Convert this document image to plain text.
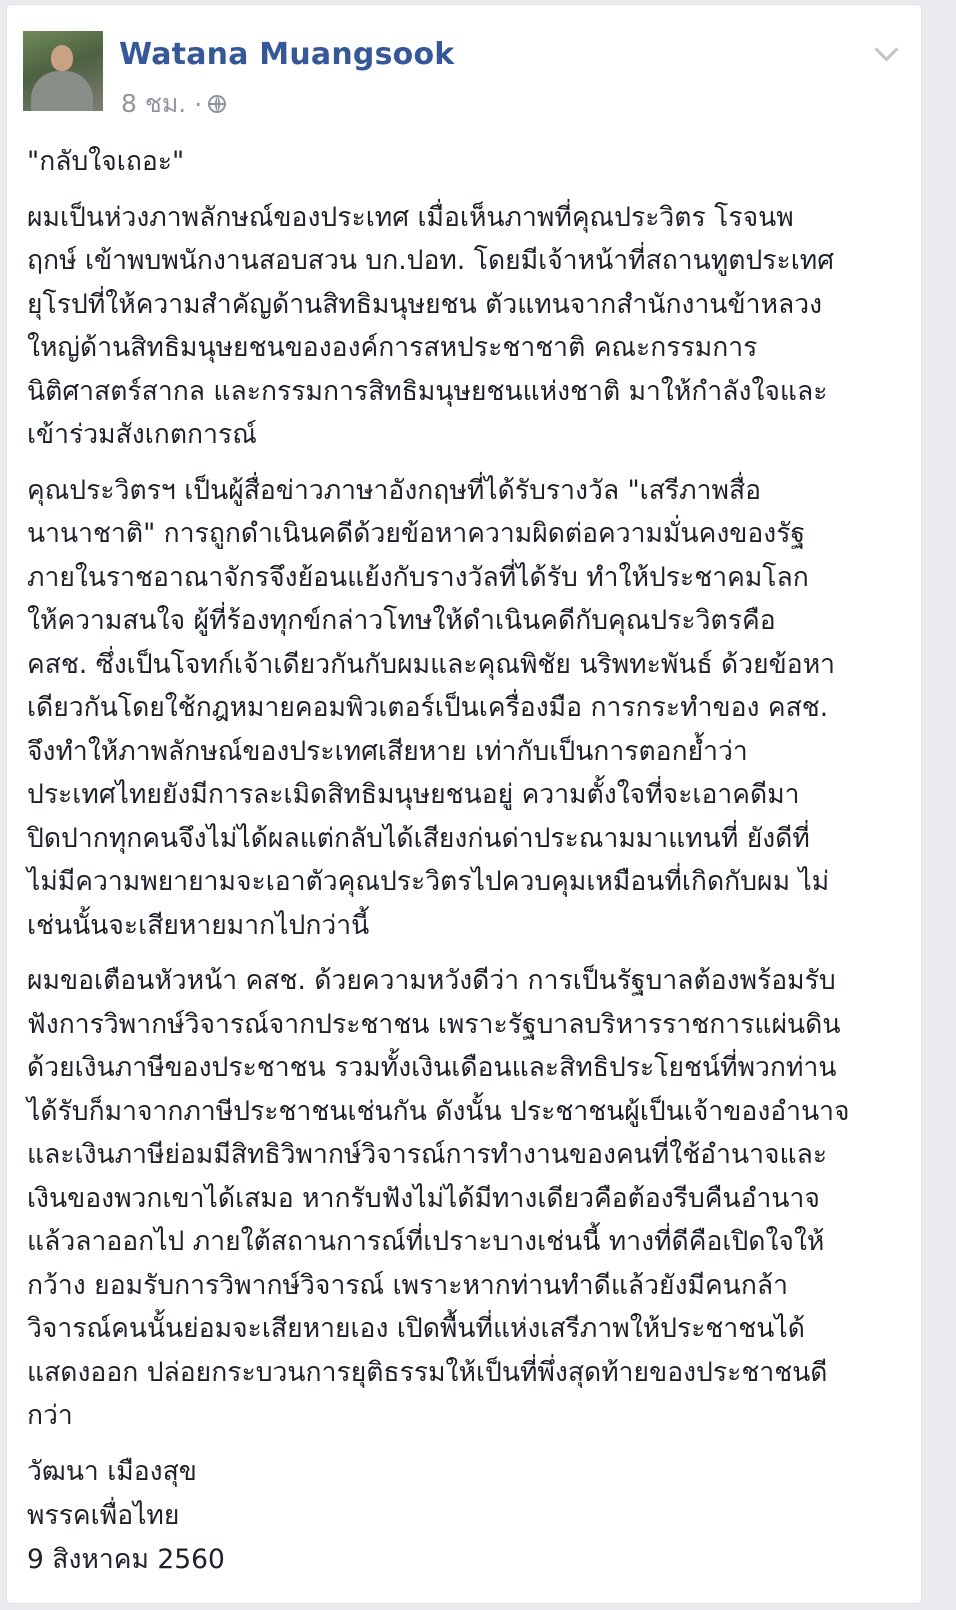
Watana Muangsook
8 ชม. ·

"กลับใจเถอะ"

ผมเป็นห่วงภาพลักษณ์ของประเทศ เมื่อเห็นภาพที่คุณประวิตร โรจนพ
ฤกษ์ เข้าพบพนักงานสอบสวน บก.ปอท. โดยมีเจ้าหน้าที่สถานทูตประเทศ
ยุโรปที่ให้ความสำคัญด้านสิทธิมนุษยชน ตัวแทนจากสำนักงานข้าหลวง
ใหญ่ด้านสิทธิมนุษยชนขององค์การสหประชาชาติ คณะกรรมการ
นิติศาสตร์สากล และกรรมการสิทธิมนุษยชนแห่งชาติ มาให้กำลังใจและ
เข้าร่วมสังเกตการณ์

คุณประวิตรฯ เป็นผู้สื่อข่าวภาษาอังกฤษที่ได้รับรางวัล "เสรีภาพสื่อ
นานาชาติ" การถูกดำเนินคดีด้วยข้อหาความผิดต่อความมั่นคงของรัฐ
ภายในราชอาณาจักรจึงย้อนแย้งกับรางวัลที่ได้รับ ทำให้ประชาคมโลก
ให้ความสนใจ ผู้ที่ร้องทุกข์กล่าวโทษให้ดำเนินคดีกับคุณประวิตรคือ
คสช. ซึ่งเป็นโจทก์เจ้าเดียวกันกับผมและคุณพิชัย นริพทะพันธ์ ด้วยข้อหา
เดียวกันโดยใช้กฎหมายคอมพิวเตอร์เป็นเครื่องมือ การกระทำของ คสช.
จึงทำให้ภาพลักษณ์ของประเทศเสียหาย เท่ากับเป็นการตอกย้ำว่า
ประเทศไทยยังมีการละเมิดสิทธิมนุษยชนอยู่ ความตั้งใจที่จะเอาคดีมา
ปิดปากทุกคนจึงไม่ได้ผลแต่กลับได้เสียงก่นด่าประณามมาแทนที่ ยังดีที่
ไม่มีความพยายามจะเอาตัวคุณประวิตรไปควบคุมเหมือนที่เกิดกับผม ไม่
เช่นนั้นจะเสียหายมากไปกว่านี้

ผมขอเตือนหัวหน้า คสช. ด้วยความหวังดีว่า การเป็นรัฐบาลต้องพร้อมรับ
ฟังการวิพากษ์วิจารณ์จากประชาชน เพราะรัฐบาลบริหารราชการแผ่นดิน
ด้วยเงินภาษีของประชาชน รวมทั้งเงินเดือนและสิทธิประโยชน์ที่พวกท่าน
ได้รับก็มาจากภาษีประชาชนเช่นกัน ดังนั้น ประชาชนผู้เป็นเจ้าของอำนาจ
และเงินภาษีย่อมมีสิทธิวิพากษ์วิจารณ์การทำงานของคนที่ใช้อำนาจและ
เงินของพวกเขาได้เสมอ หากรับฟังไม่ได้มีทางเดียวคือต้องรีบคืนอำนาจ
แล้วลาออกไป ภายใต้สถานการณ์ที่เปราะบางเช่นนี้ ทางที่ดีคือเปิดใจให้
กว้าง ยอมรับการวิพากษ์วิจารณ์ เพราะหากท่านทำดีแล้วยังมีคนกล้า
วิจารณ์คนนั้นย่อมจะเสียหายเอง เปิดพื้นที่แห่งเสรีภาพให้ประชาชนได้
แสดงออก ปล่อยกระบวนการยุติธรรมให้เป็นที่พึ่งสุดท้ายของประชาชนดี
กว่า

วัฒนา เมืองสุข
พรรคเพื่อไทย
9 สิงหาคม 2560
